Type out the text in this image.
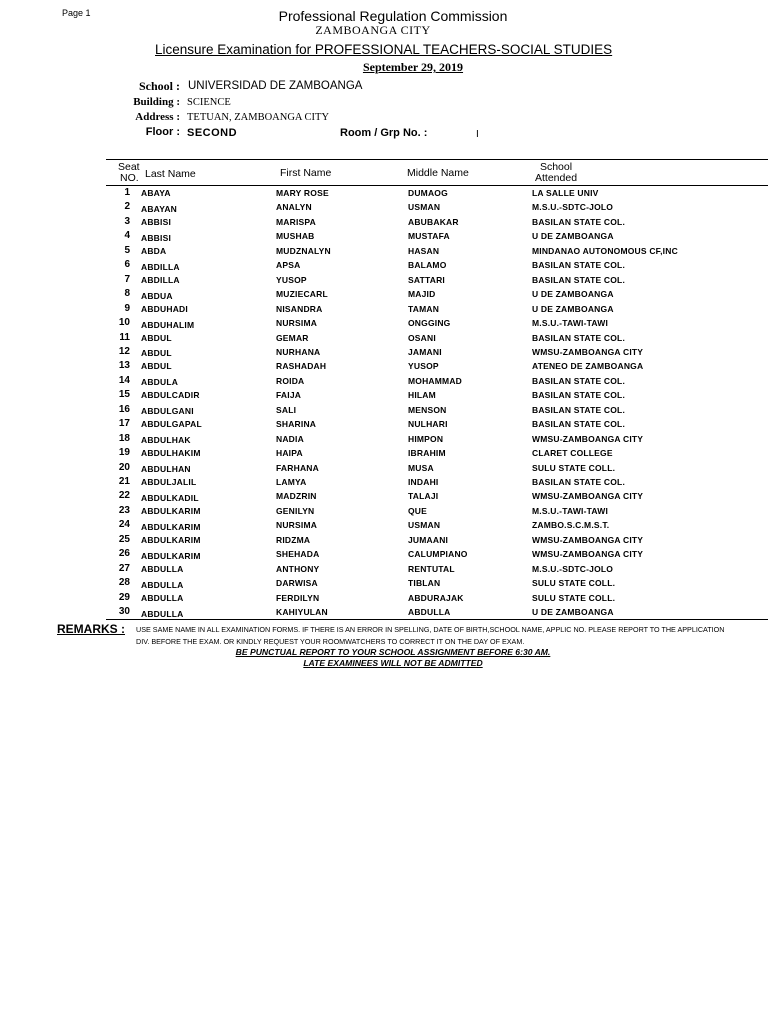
Page 1	Professional Regulation Commission
ZAMBOANGA CITY
Licensure Examination for PROFESSIONAL TEACHERS-SOCIAL STUDIES
September 29, 2019
School : UNIVERSIDAD DE ZAMBOANGA
Building : SCIENCE
Address : TETUAN, ZAMBOANGA CITY
Floor : SECOND	Room / Grp No. :	I
Seat
NO. Last Name	First Name	Middle Name	School
Attended
1 ABAYA	MARY ROSE	DUMAOG	LA SALLE UNIV
2 ABAYAN	ANALYN	USMAN	M.S.U.-SDTC-JOLO
3 ABBISI	MARISPA	ABUBAKAR	BASILAN STATE COL.
4 ABBISI	MUSHAB	MUSTAFA	U DE ZAMBOANGA
5 ABDA	MUDZNALYN	HASAN	MINDANAO AUTONOMOUS CF,INC
6 ABDILLA	APSA	BALAMO	BASILAN STATE COL.
7 ABDILLA	YUSOP	SATTARI	BASILAN STATE COL.
8 ABDUA	MUZIECARL	MAJID	U DE ZAMBOANGA
9 ABDUHADI	NISANDRA	TAMAN	U DE ZAMBOANGA
10 ABDUHALIM	NURSIMA	ONGGING	M.S.U.-TAWI-TAWI
11 ABDUL	GEMAR	OSANI	BASILAN STATE COL.
12 ABDUL	NURHANA	JAMANI	WMSU-ZAMBOANGA CITY
13 ABDUL	RASHADAH	YUSOP	ATENEO DE ZAMBOANGA
14 ABDULA	ROIDA	MOHAMMAD	BASILAN STATE COL.
15 ABDULCADIR	FAIJA	HILAM	BASILAN STATE COL.
16 ABDULGANI	SALI	MENSON	BASILAN STATE COL.
17 ABDULGAPAL	SHARINA	NULHARI	BASILAN STATE COL.
18 ABDULHAK	NADIA	HIMPON	WMSU-ZAMBOANGA CITY
19 ABDULHAKIM	HAIPA	IBRAHIM	CLARET COLLEGE
20 ABDULHAN	FARHANA	MUSA	SULU STATE COLL.
21 ABDULJALIL	LAMYA	INDAHI	BASILAN STATE COL.
22 ABDULKADIL	MADZRIN	TALAJI	WMSU-ZAMBOANGA CITY
23 ABDULKARIM	GENILYN	QUE	M.S.U.-TAWI-TAWI
24 ABDULKARIM	NURSIMA	USMAN	ZAMBO.S.C.M.S.T.
25 ABDULKARIM	RIDZMA	JUMAANI	WMSU-ZAMBOANGA CITY
26 ABDULKARIM	SHEHADA	CALUMPIANO	WMSU-ZAMBOANGA CITY
27 ABDULLA	ANTHONY	RENTUTAL	M.S.U.-SDTC-JOLO
28 ABDULLA	DARWISA	TIBLAN	SULU STATE COLL.
29 ABDULLA	FERDILYN	ABDURAJAK	SULU STATE COLL.
30 ABDULLA	KAHIYULAN	ABDULLA	U DE ZAMBOANGA
REMARKS : USE SAME NAME IN ALL EXAMINATION FORMS. IF THERE IS AN ERROR IN SPELLING, DATE OF BIRTH,SCHOOL NAME, APPLIC NO. PLEASE REPORT TO THE APPLICATION DIV. BEFORE THE EXAM. OR KINDLY REQUEST YOUR ROOMWATCHERS TO CORRECT IT ON THE DAY OF EXAM.
BE PUNCTUAL REPORT TO YOUR SCHOOL ASSIGNMENT BEFORE 6:30 AM.
LATE EXAMINEES WILL NOT BE ADMITTED
